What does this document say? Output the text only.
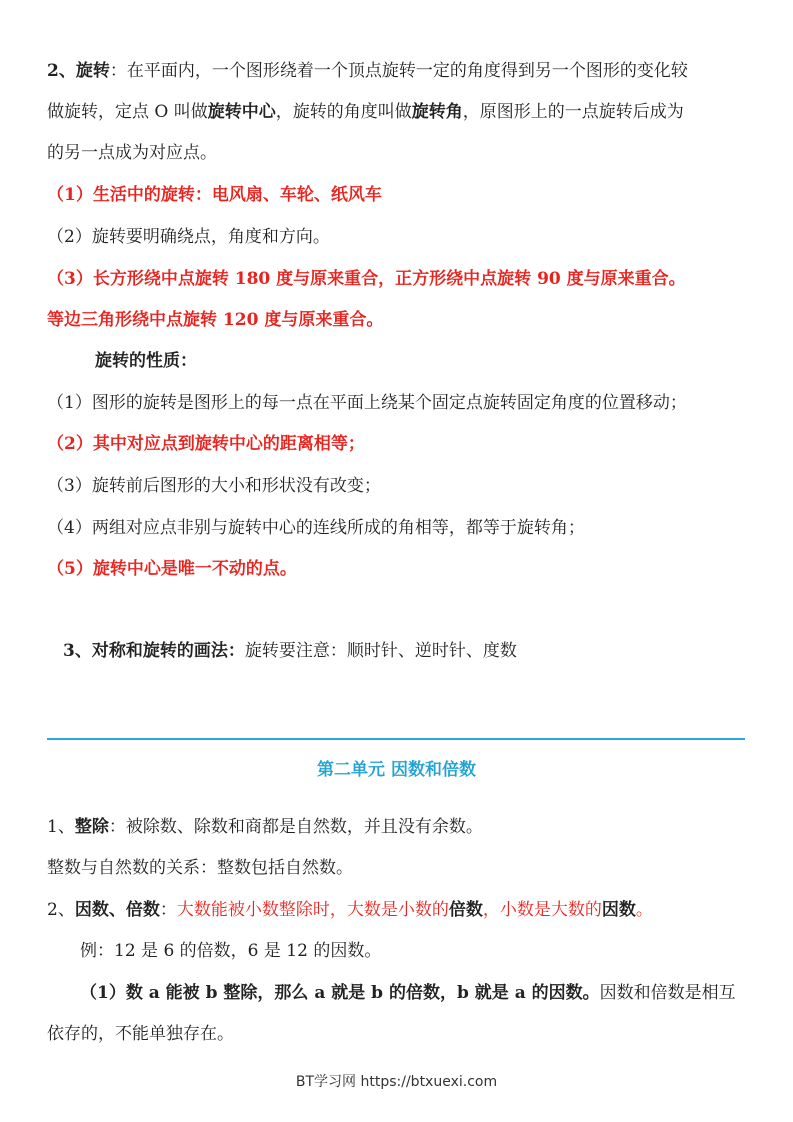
2、旋转：在平面内，一个图形绕着一个顶点旋转一定的角度得到另一个图形的变化较
做旋转，定点 O 叫做旋转中心，旋转的角度叫做旋转角，原图形上的一点旋转后成为
的另一点成为对应点。
（1）生活中的旋转：电风扇、车轮、纸风车
（2）旋转要明确绕点，角度和方向。
（3）长方形绕中点旋转 180 度与原来重合，正方形绕中点旋转 90 度与原来重合。
等边三角形绕中点旋转 120 度与原来重合。
旋转的性质：
（1）图形的旋转是图形上的每一点在平面上绕某个固定点旋转固定角度的位置移动；
（2）其中对应点到旋转中心的距离相等；
（3）旋转前后图形的大小和形状没有改变；
（4）两组对应点非别与旋转中心的连线所成的角相等，都等于旋转角；
（5）旋转中心是唯一不动的点。
3、对称和旋转的画法：旋转要注意：顺时针、逆时针、度数
第二单元 因数和倍数
1、整除：被除数、除数和商都是自然数，并且没有余数。
整数与自然数的关系：整数包括自然数。
2、因数、倍数：大数能被小数整除时，大数是小数的倍数，小数是大数的因数。
例：12 是 6 的倍数，6 是 12 的因数。
（1）数 a 能被 b 整除，那么 a 就是 b 的倍数，b 就是 a 的因数。因数和倍数是相互
依存的，不能单独存在。
BT学习网 https://btxuexi.com
